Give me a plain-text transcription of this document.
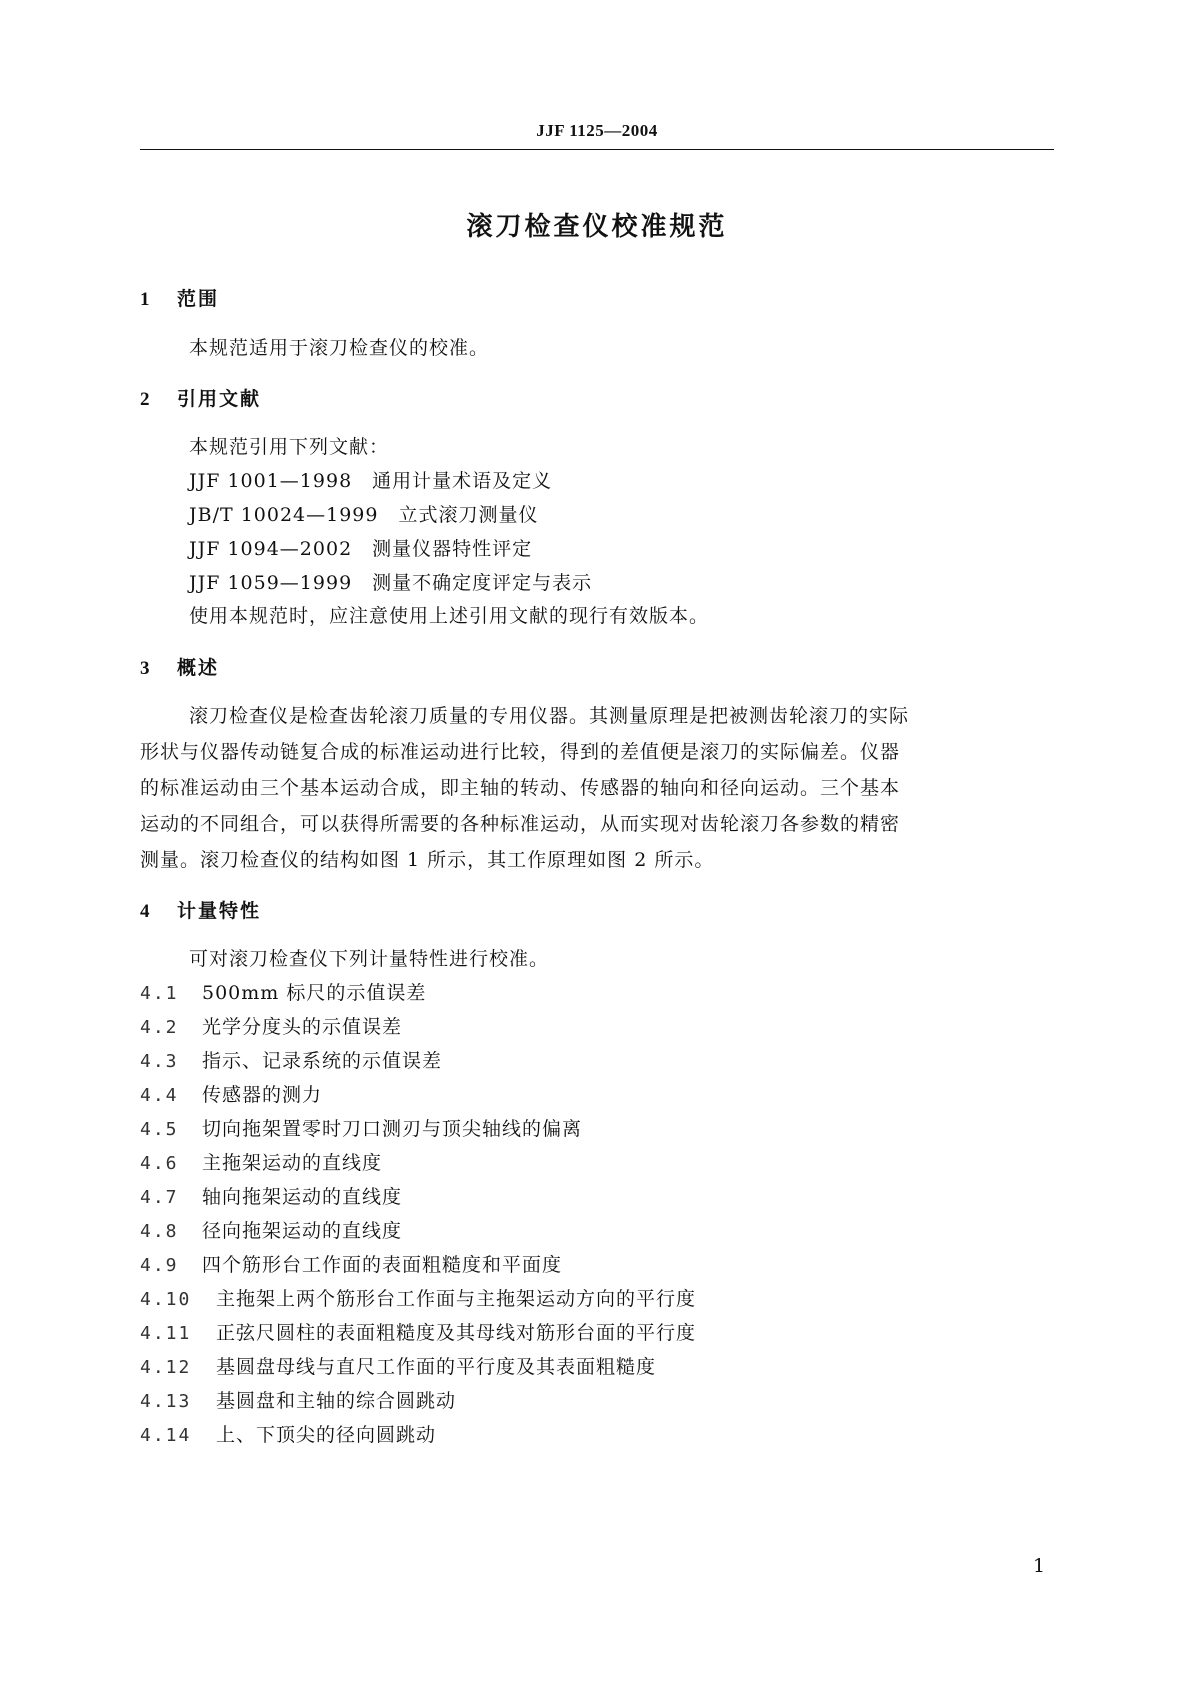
JJF 1125—2004
滚刀检查仪校准规范
1 范围
本规范适用于滚刀检查仪的校准。
2 引用文献
本规范引用下列文献：
JJF 1001—1998　通用计量术语及定义
JB/T 10024—1999　立式滚刀测量仪
JJF 1094—2002　测量仪器特性评定
JJF 1059—1999　测量不确定度评定与表示
使用本规范时，应注意使用上述引用文献的现行有效版本。
3 概述
滚刀检查仪是检查齿轮滚刀质量的专用仪器。其测量原理是把被测齿轮滚刀的实际
形状与仪器传动链复合成的标准运动进行比较，得到的差值便是滚刀的实际偏差。仪器
的标准运动由三个基本运动合成，即主轴的转动、传感器的轴向和径向运动。三个基本
运动的不同组合，可以获得所需要的各种标准运动，从而实现对齿轮滚刀各参数的精密
测量。滚刀检查仪的结构如图 1 所示，其工作原理如图 2 所示。
4 计量特性
可对滚刀检查仪下列计量特性进行校准。
4.1 500mm 标尺的示值误差
4.2 光学分度头的示值误差
4.3 指示、记录系统的示值误差
4.4 传感器的测力
4.5 切向拖架置零时刀口测刃与顶尖轴线的偏离
4.6 主拖架运动的直线度
4.7 轴向拖架运动的直线度
4.8 径向拖架运动的直线度
4.9 四个筋形台工作面的表面粗糙度和平面度
4.10 主拖架上两个筋形台工作面与主拖架运动方向的平行度
4.11 正弦尺圆柱的表面粗糙度及其母线对筋形台面的平行度
4.12 基圆盘母线与直尺工作面的平行度及其表面粗糙度
4.13 基圆盘和主轴的综合圆跳动
4.14 上、下顶尖的径向圆跳动
1
